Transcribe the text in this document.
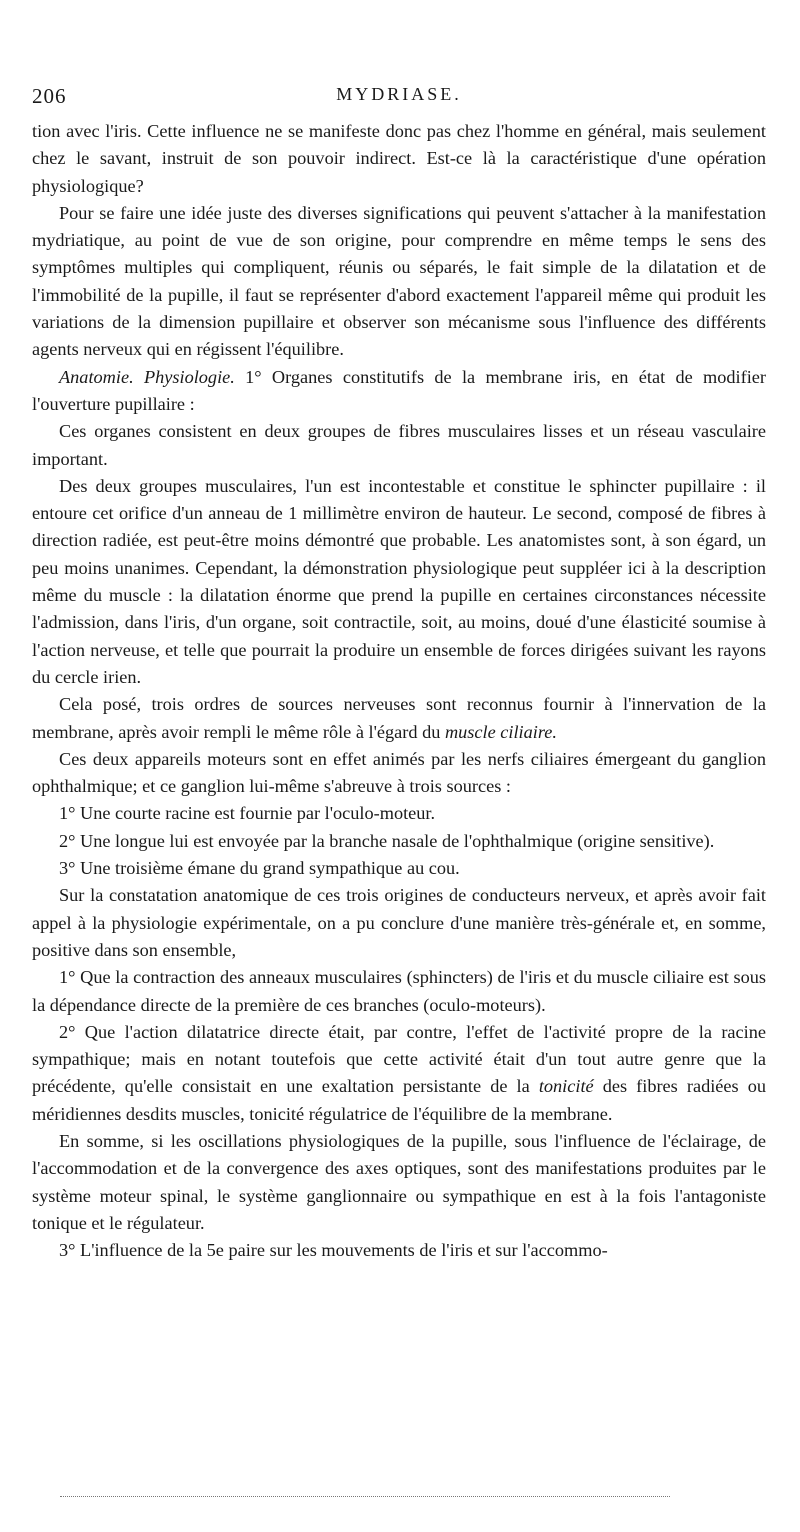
206	MYDRIASE.

tion avec l'iris. Cette influence ne se manifeste donc pas chez l'homme en général, mais seulement chez le savant, instruit de son pouvoir indirect. Est-ce là la caractéristique d'une opération physiologique?

Pour se faire une idée juste des diverses significations qui peuvent s'attacher à la manifestation mydriatique, au point de vue de son origine, pour comprendre en même temps le sens des symptômes multiples qui compliquent, réunis ou séparés, le fait simple de la dilatation et de l'immobilité de la pupille, il faut se représenter d'abord exactement l'appareil même qui produit les variations de la dimension pupillaire et observer son mécanisme sous l'influence des différents agents nerveux qui en régissent l'équilibre.

Anatomie. Physiologie. 1° Organes constitutifs de la membrane iris, en état de modifier l'ouverture pupillaire :

Ces organes consistent en deux groupes de fibres musculaires lisses et un réseau vasculaire important.

Des deux groupes musculaires, l'un est incontestable et constitue le sphincter pupillaire : il entoure cet orifice d'un anneau de 1 millimètre environ de hauteur. Le second, composé de fibres à direction radiée, est peut-être moins démontré que probable. Les anatomistes sont, à son égard, un peu moins unanimes. Cependant, la démonstration physiologique peut suppléer ici à la description même du muscle : la dilatation énorme que prend la pupille en certaines circonstances nécessite l'admission, dans l'iris, d'un organe, soit contractile, soit, au moins, doué d'une élasticité soumise à l'action nerveuse, et telle que pourrait la produire un ensemble de forces dirigées suivant les rayons du cercle irien.

Cela posé, trois ordres de sources nerveuses sont reconnus fournir à l'innervation de la membrane, après avoir rempli le même rôle à l'égard du muscle ciliaire.

Ces deux appareils moteurs sont en effet animés par les nerfs ciliaires émergeant du ganglion ophthalmique; et ce ganglion lui-même s'abreuve à trois sources :

1° Une courte racine est fournie par l'oculo-moteur.

2° Une longue lui est envoyée par la branche nasale de l'ophthalmique (origine sensitive).

3° Une troisième émane du grand sympathique au cou.

Sur la constatation anatomique de ces trois origines de conducteurs nerveux, et après avoir fait appel à la physiologie expérimentale, on a pu conclure d'une manière très-générale et, en somme, positive dans son ensemble,

1° Que la contraction des anneaux musculaires (sphincters) de l'iris et du muscle ciliaire est sous la dépendance directe de la première de ces branches (oculo-moteurs).

2° Que l'action dilatatrice directe était, par contre, l'effet de l'activité propre de la racine sympathique; mais en notant toutefois que cette activité était d'un tout autre genre que la précédente, qu'elle consistait en une exaltation persistante de la tonicité des fibres radiées ou méridiennes desdits muscles, tonicité régulatrice de l'équilibre de la membrane.

En somme, si les oscillations physiologiques de la pupille, sous l'influence de l'éclairage, de l'accommodation et de la convergence des axes optiques, sont des manifestations produites par le système moteur spinal, le système ganglionnaire ou sympathique en est à la fois l'antagoniste tonique et le régulateur.

3° L'influence de la 5e paire sur les mouvements de l'iris et sur l'accommo-
